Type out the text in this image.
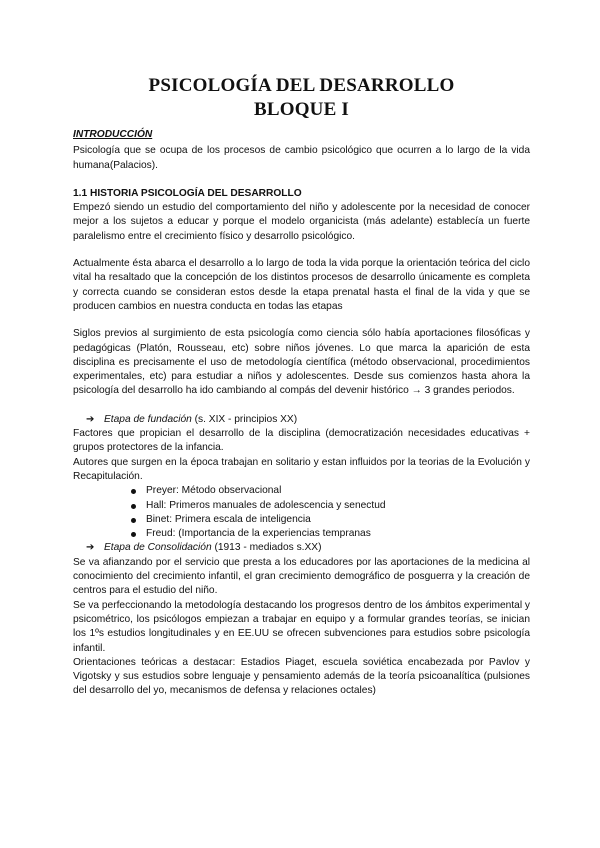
PSICOLOGÍA DEL DESARROLLO
BLOQUE I
INTRODUCCIÓN

Psicología que se ocupa de los procesos de cambio psicológico que ocurren a lo largo de la vida humana(Palacios).

1.1 HISTORIA PSICOLOGÍA DEL DESARROLLO

Empezó siendo un estudio del comportamiento del niño y adolescente por la necesidad de conocer mejor a los sujetos a educar y porque el modelo organicista (más adelante) establecía un fuerte paralelismo entre el crecimiento físico y desarrollo psicológico.

Actualmente ésta abarca el desarrollo a lo largo de toda la vida porque la orientación teórica del ciclo vital ha resaltado que la concepción de los distintos procesos de desarrollo únicamente es completa y correcta cuando se consideran estos desde la etapa prenatal hasta el final de la vida y que se producen cambios en nuestra conducta en todas las etapas

Siglos previos al surgimiento de esta psicología como ciencia sólo había aportaciones filosóficas y pedagógicas (Platón, Rousseau, etc) sobre niños jóvenes. Lo que marca la aparición de esta disciplina es precisamente el uso de metodología científica (método observacional, procedimientos experimentales, etc) para estudiar a niños y adolescentes. Desde sus comienzos hasta ahora la psicología del desarrollo ha ido cambiando al compás del devenir histórico → 3 grandes periodos.

➔ Etapa de fundación (s. XIX - principios XX)

Factores que propician el desarrollo de la disciplina (democratización necesidades educativas + grupos protectores de la infancia.

Autores que surgen en la época trabajan en solitario y estan influidos por la teorias de la Evolución y Recapitulación.

Preyer: Método observacional
Hall: Primeros manuales de adolescencia y senectud
Binet: Primera escala de inteligencia
Freud: (Importancia de la experiencias tempranas
➔ Etapa de Consolidación (1913 - mediados s.XX)

Se va afianzando por el servicio que presta a los educadores por las aportaciones de la medicina al conocimiento del crecimiento infantil, el gran crecimiento demográfico de posguerra y la creación de centros para el estudio del niño.

Se va perfeccionando la metodología destacando los progresos dentro de los ámbitos experimental y psicométrico, los psicólogos empiezan a trabajar en equipo y a formular grandes teorías, se inician los 1ºs estudios longitudinales y en EE.UU se ofrecen subvenciones para estudios sobre psicología infantil.

Orientaciones teóricas a destacar: Estadios Piaget, escuela soviética encabezada por Pavlov y Vigotsky y sus estudios sobre lenguaje y pensamiento además de la teoría psicoanalítica (pulsiones del desarrollo del yo, mecanismos de defensa y relaciones octales)
